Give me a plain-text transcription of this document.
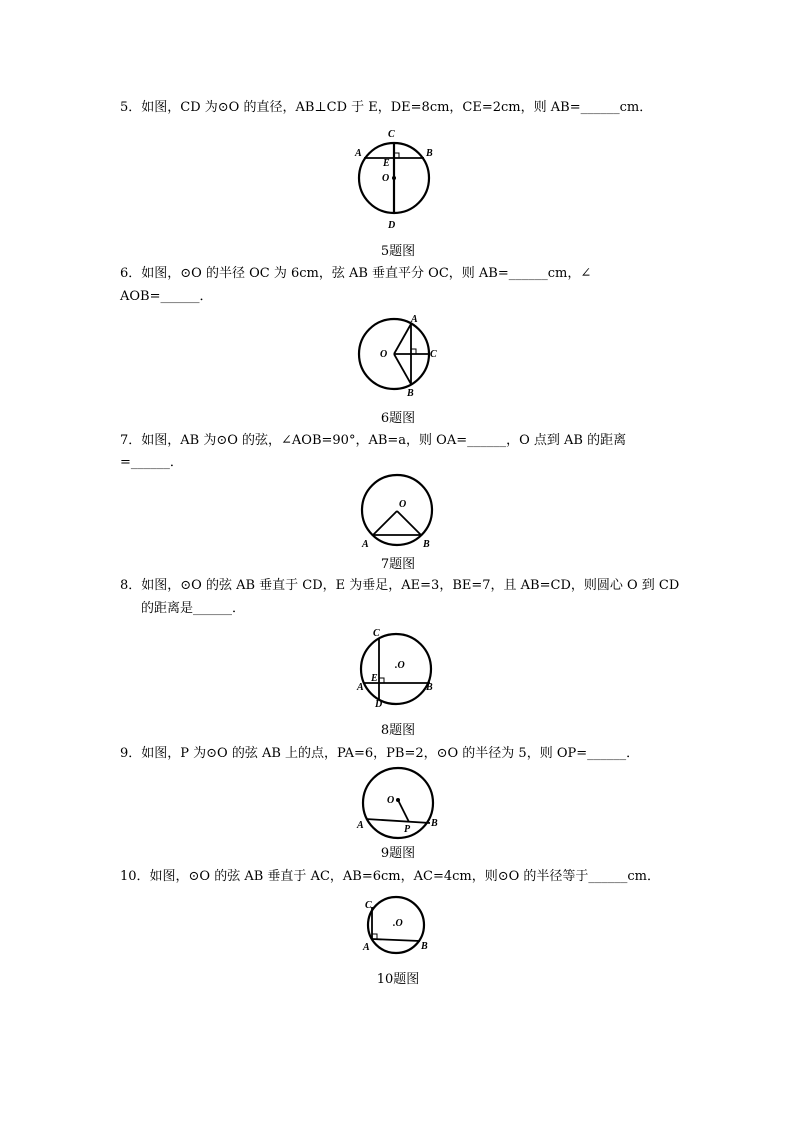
5．如图，CD 为⊙O 的直径，AB⊥CD 于 E，DE=8cm，CE=2cm，则 AB=______cm．
C
A	B
E
O
D
5题图
6．如图，⊙O 的半径 OC 为 6cm，弦 AB 垂直平分 OC，则 AB=______cm，∠
AOB=______．
A
O	C
B
6题图
7．如图，AB 为⊙O 的弦，∠AOB=90°，AB=a，则 OA=______，O 点到 AB 的距离
=______．
O
A	B
7题图
8．如图，⊙O 的弦 AB 垂直于 CD，E 为垂足，AE=3，BE=7，且 AB=CD，则圆心 O 到 CD
的距离是______．
C
.O
E
A	B
D
8题图
9．如图，P 为⊙O 的弦 AB 上的点，PA=6，PB=2，⊙O 的半径为 5，则 OP=______．
O
A	P
B
9题图
10．如图，⊙O 的弦 AB 垂直于 AC，AB=6cm，AC=4cm，则⊙O 的半径等于______cm．
C
.O
A	B
10题图
